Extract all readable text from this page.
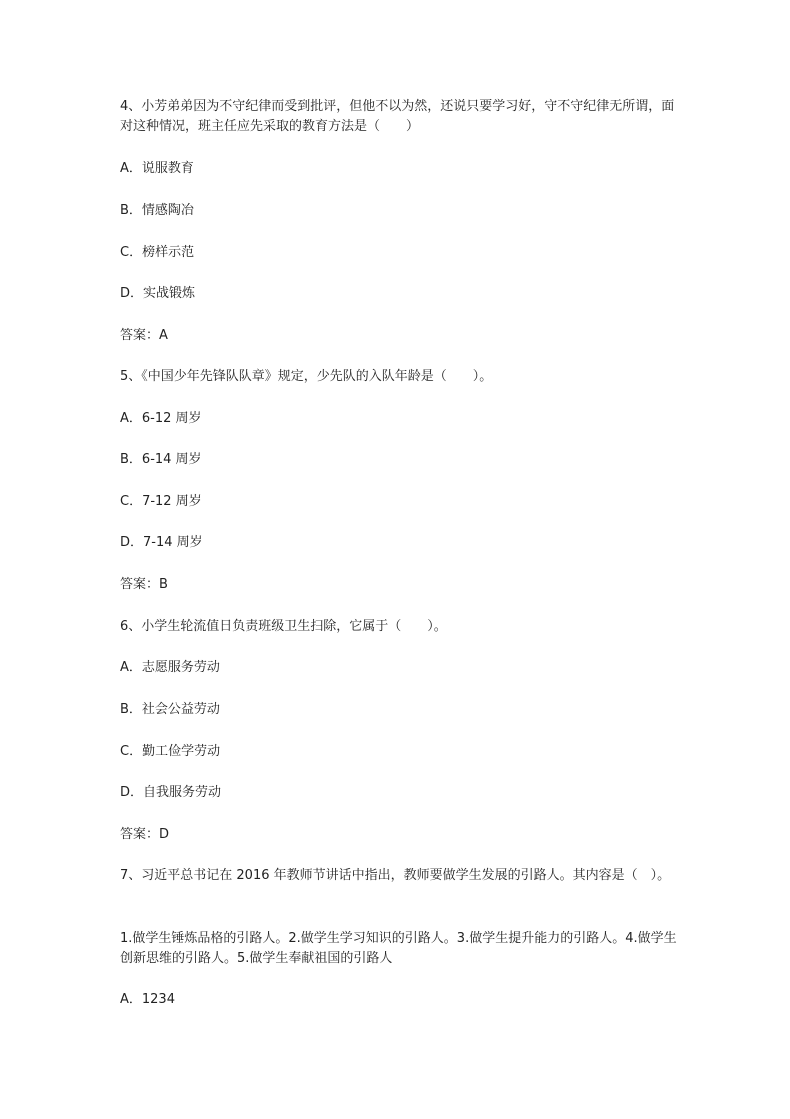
4、小芳弟弟因为不守纪律而受到批评，但他不以为然，还说只要学习好，守不守纪律无所谓，面对这种情况，班主任应先采取的教育方法是（　　）
A．说服教育
B．情感陶冶
C．榜样示范
D．实战锻炼
答案：A
5、《中国少年先锋队队章》规定，少先队的入队年龄是（　　）。
A．6-12 周岁
B．6-14 周岁
C．7-12 周岁
D．7-14 周岁
答案：B
6、小学生轮流值日负责班级卫生扫除，它属于（　　）。
A．志愿服务劳动
B．社会公益劳动
C．勤工俭学劳动
D．自我服务劳动
答案：D
7、习近平总书记在 2016 年教师节讲话中指出，教师要做学生发展的引路人。其内容是（　）。
1.做学生锤炼品格的引路人。2.做学生学习知识的引路人。3.做学生提升能力的引路人。4.做学生创新思维的引路人。5.做学生奉献祖国的引路人
A．1234
